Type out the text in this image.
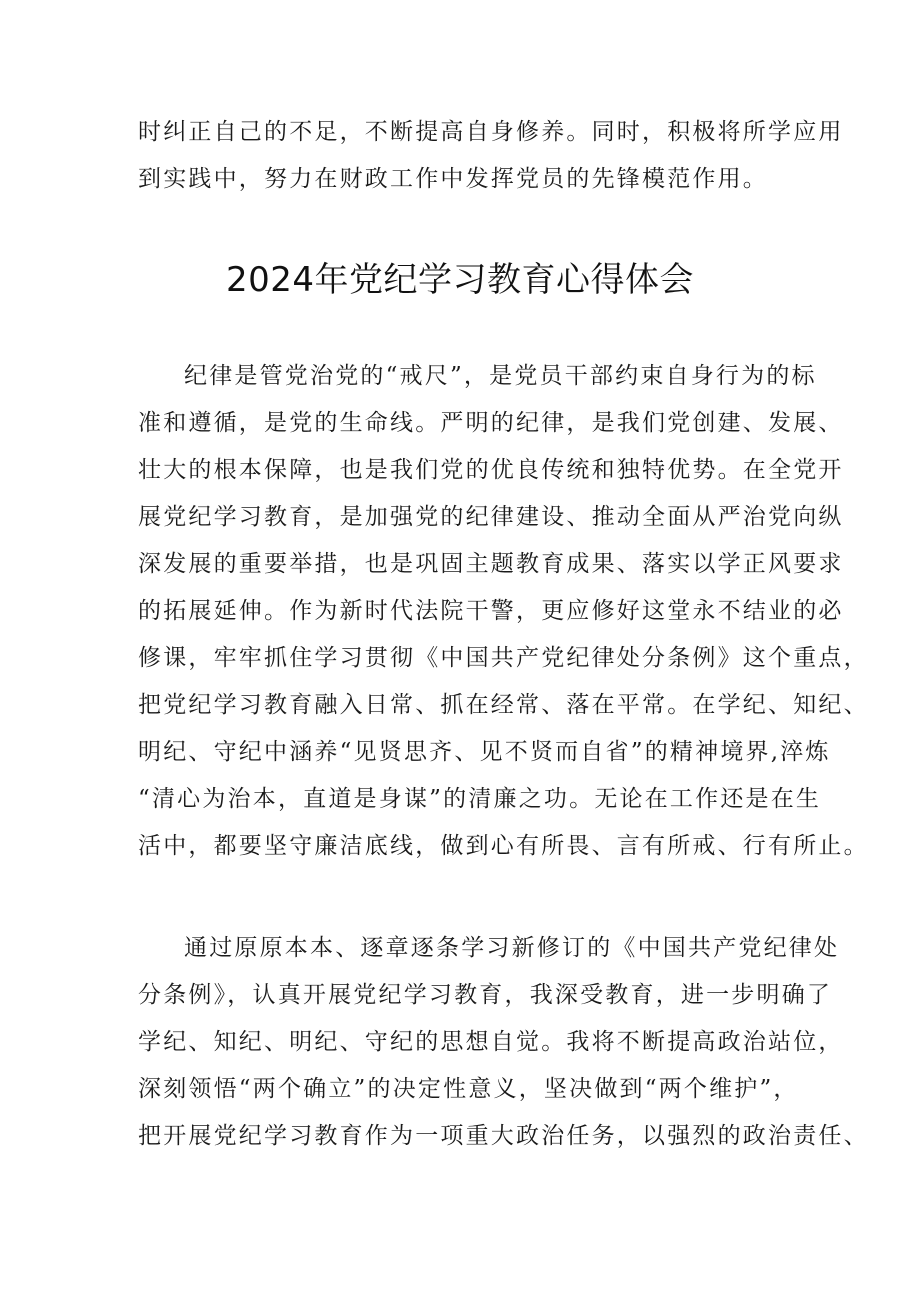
时纠正自己的不足，不断提高自身修养。同时，积极将所学应用

到实践中，努力在财政工作中发挥党员的先锋模范作用。

2024年党纪学习教育心得体会

纪律是管党治党的“戒尺”，是党员干部约束自身行为的标

准和遵循，是党的生命线。严明的纪律，是我们党创建、发展、

壮大的根本保障，也是我们党的优良传统和独特优势。在全党开

展党纪学习教育，是加强党的纪律建设、推动全面从严治党向纵

深发展的重要举措，也是巩固主题教育成果、落实以学正风要求

的拓展延伸。作为新时代法院干警，更应修好这堂永不结业的必

修课，牢牢抓住学习贯彻《中国共产党纪律处分条例》这个重点，

把党纪学习教育融入日常、抓在经常、落在平常。在学纪、知纪、

明纪、守纪中涵养“见贤思齐、见不贤而自省”的精神境界,淬炼

“清心为治本，直道是身谋”的清廉之功。无论在工作还是在生

活中，都要坚守廉洁底线，做到心有所畏、言有所戒、行有所止。

通过原原本本、逐章逐条学习新修订的《中国共产党纪律处

分条例》，认真开展党纪学习教育，我深受教育，进一步明确了

学纪、知纪、明纪、守纪的思想自觉。我将不断提高政治站位，

深刻领悟“两个确立”的决定性意义，坚决做到“两个维护”，

把开展党纪学习教育作为一项重大政治任务，以强烈的政治责任、
